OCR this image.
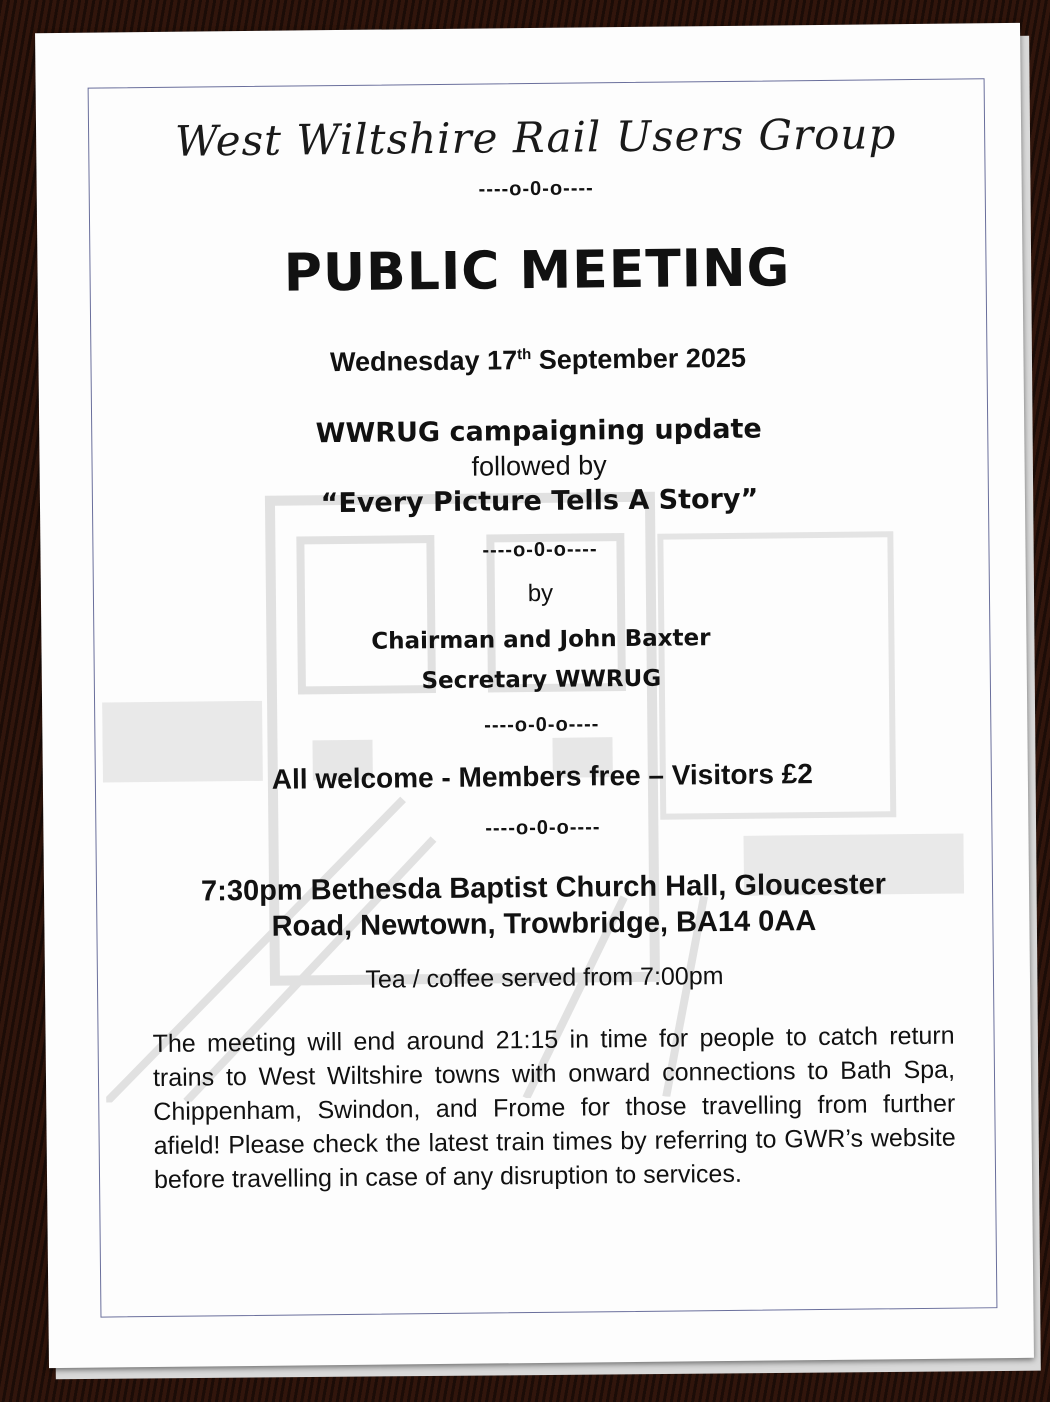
West Wiltshire Rail Users Group
----o-0-o----
PUBLIC MEETING
Wednesday 17th September 2025
WWRUG campaigning update
followed by
“Every Picture Tells A Story”
----o-0-o----
by
Chairman and John Baxter
Secretary WWRUG
----o-0-o----
All welcome - Members free – Visitors £2
----o-0-o----
7:30pm Bethesda Baptist Church Hall, Gloucester
Road, Newtown, Trowbridge, BA14 0AA
Tea / coffee served from 7:00pm
The meeting will end around 21:15 in time for people to catch return trains to West Wiltshire towns with onward connections to Bath Spa, Chippenham, Swindon, and Frome for those travelling from further afield! Please check the latest train times by referring to GWR’s website before travelling in case of any disruption to services.
